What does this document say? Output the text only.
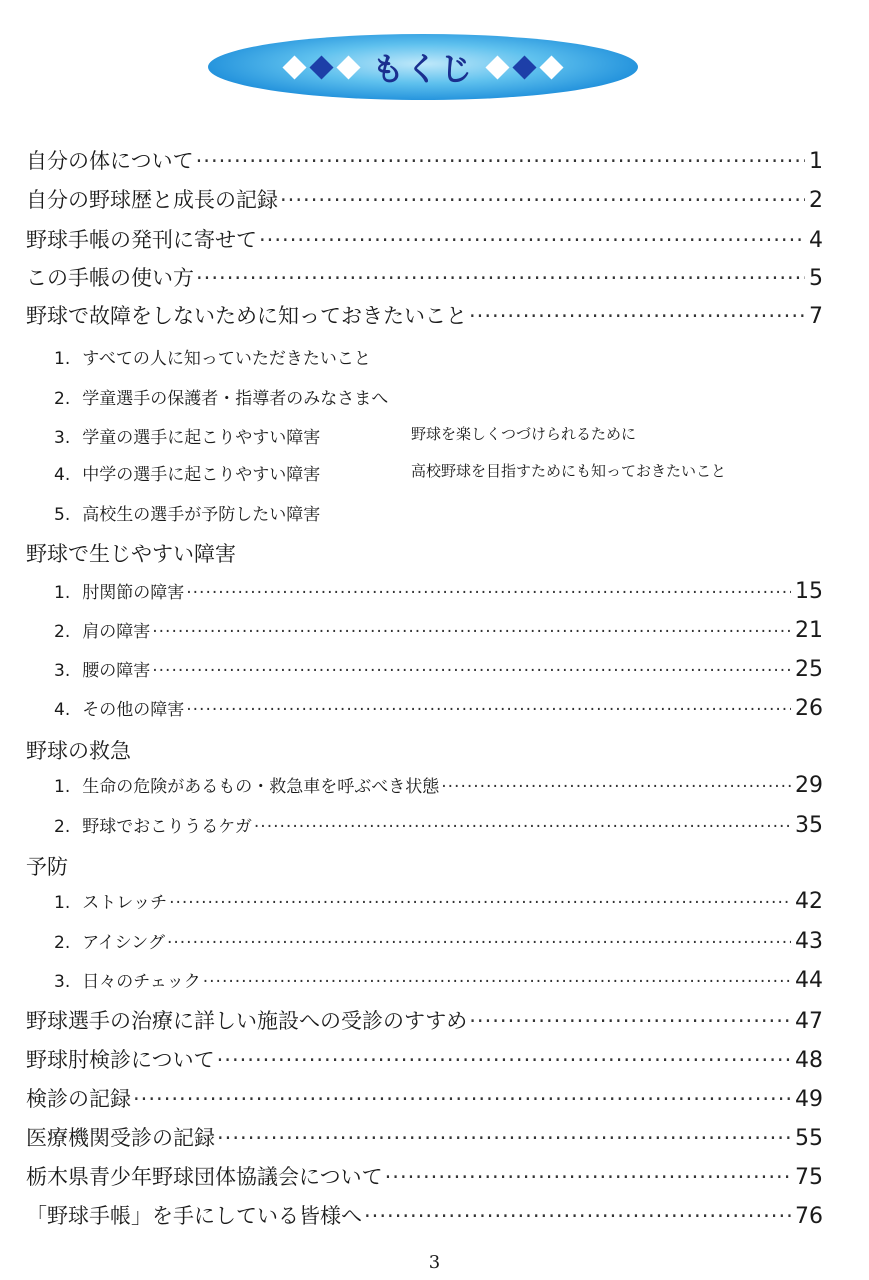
もくじ
自分の体について ·····	1
自分の野球歴と成長の記録 ·····	2
野球手帳の発刊に寄せて ·····	4
この手帳の使い方 ·····	5
野球で故障をしないために知っておきたいこと ·····	7
1. すべての人に知っていただきたいこと
2. 学童選手の保護者・指導者のみなさまへ
3. 学童の選手に起こりやすい障害	野球を楽しくつづけられるために
4. 中学の選手に起こりやすい障害	高校野球を目指すためにも知っておきたいこと
5. 高校生の選手が予防したい障害
野球で生じやすい障害
1. 肘関節の障害 ·····	15
2. 肩の障害 ·····	21
3. 腰の障害 ·····	25
4. その他の障害 ·····	26
野球の救急
1. 生命の危険があるもの・救急車を呼ぶべき状態 ·····	29
2. 野球でおこりうるケガ ·····	35
予防
1. ストレッチ ·····	42
2. アイシング ·····	43
3. 日々のチェック ·····	44
野球選手の治療に詳しい施設への受診のすすめ ·····	47
野球肘検診について ·····	48
検診の記録 ·····	49
医療機関受診の記録 ·····	55
栃木県青少年野球団体協議会について ·····	75
「野球手帳」を手にしている皆様へ ·····	76
3
